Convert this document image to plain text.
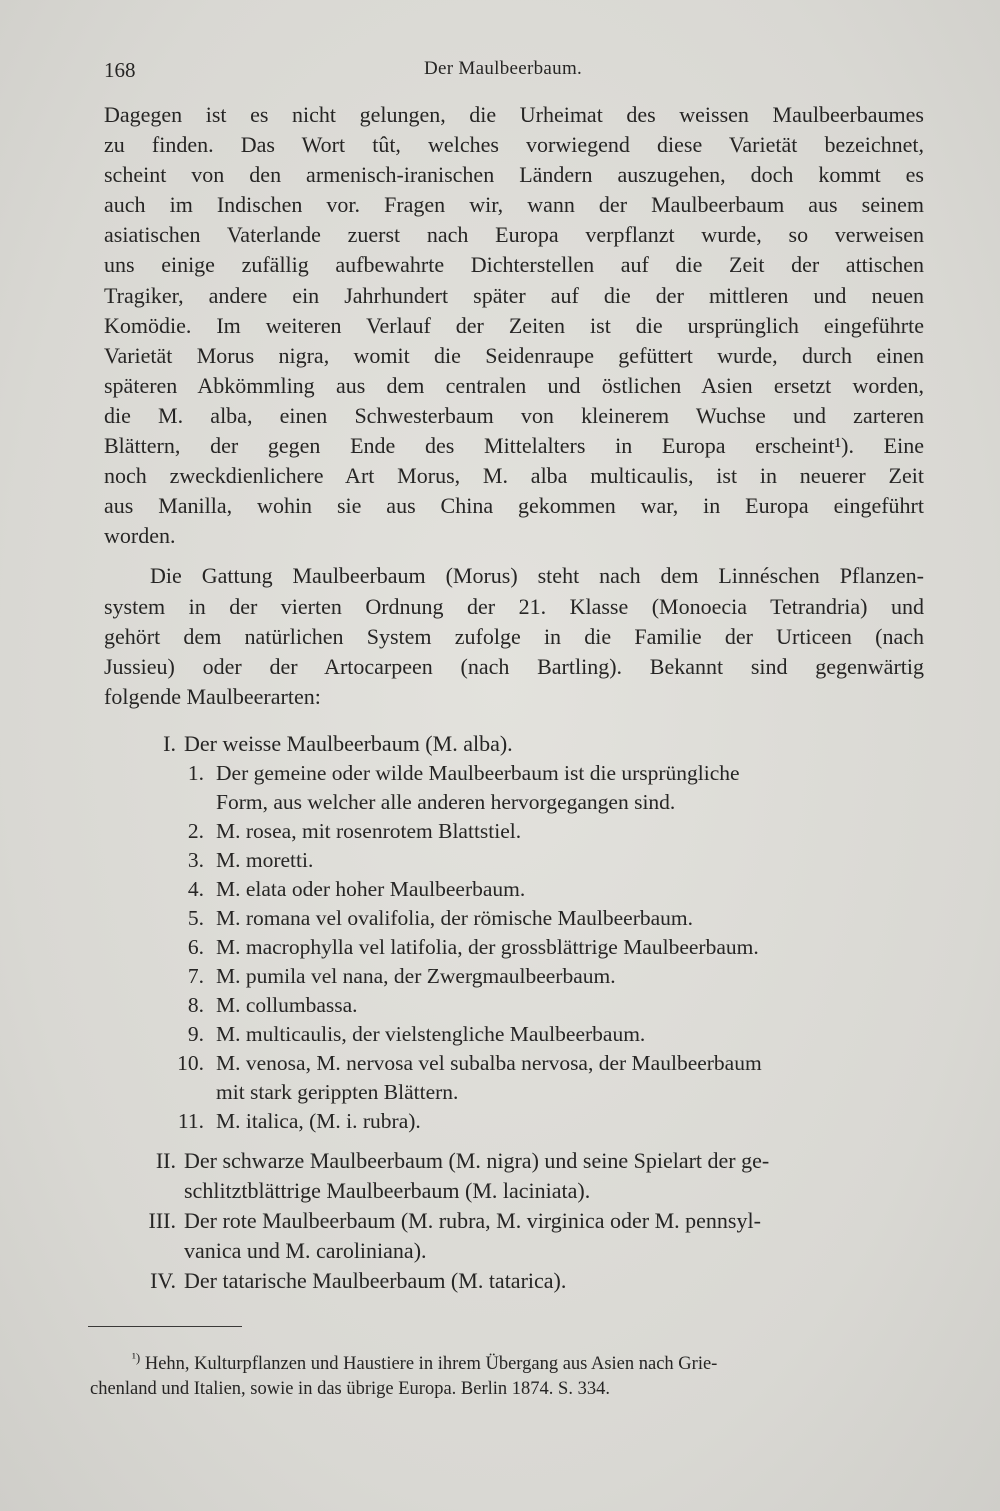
168	Der Maulbeerbaum.
Dagegen ist es nicht gelungen, die Urheimat des weissen Maulbeerbaumes
zu finden. Das Wort tût, welches vorwiegend diese Varietät bezeichnet,
scheint von den armenisch-iranischen Ländern auszugehen, doch kommt es
auch im Indischen vor. Fragen wir, wann der Maulbeerbaum aus seinem
asiatischen Vaterlande zuerst nach Europa verpflanzt wurde, so verweisen
uns einige zufällig aufbewahrte Dichterstellen auf die Zeit der attischen
Tragiker, andere ein Jahrhundert später auf die der mittleren und neuen
Komödie. Im weiteren Verlauf der Zeiten ist die ursprünglich eingeführte
Varietät Morus nigra, womit die Seidenraupe gefüttert wurde, durch einen
späteren Abkömmling aus dem centralen und östlichen Asien ersetzt worden,
die M. alba, einen Schwesterbaum von kleinerem Wuchse und zarteren
Blättern, der gegen Ende des Mittelalters in Europa erscheint¹). Eine
noch zweckdienlichere Art Morus, M. alba multicaulis, ist in neuerer Zeit
aus Manilla, wohin sie aus China gekommen war, in Europa eingeführt
worden.
Die Gattung Maulbeerbaum (Morus) steht nach dem Linnéschen Pflanzen-
system in der vierten Ordnung der 21. Klasse (Monoecia Tetrandria) und
gehört dem natürlichen System zufolge in die Familie der Urticeen (nach
Jussieu) oder der Artocarpeen (nach Bartling). Bekannt sind gegenwärtig
folgende Maulbeerarten:
I. Der weisse Maulbeerbaum (M. alba).
1. Der gemeine oder wilde Maulbeerbaum ist die ursprüngliche
Form, aus welcher alle anderen hervorgegangen sind.
2. M. rosea, mit rosenrotem Blattstiel.
3. M. moretti.
4. M. elata oder hoher Maulbeerbaum.
5. M. romana vel ovalifolia, der römische Maulbeerbaum.
6. M. macrophylla vel latifolia, der grossblättrige Maulbeerbaum.
7. M. pumila vel nana, der Zwergmaulbeerbaum.
8. M. collumbassa.
9. M. multicaulis, der vielstengliche Maulbeerbaum.
10. M. venosa, M. nervosa vel subalba nervosa, der Maulbeerbaum
mit stark gerippten Blättern.
11. M. italica, (M. i. rubra).
II. Der schwarze Maulbeerbaum (M. nigra) und seine Spielart der ge-
schlitztblättrige Maulbeerbaum (M. laciniata).
III. Der rote Maulbeerbaum (M. rubra, M. virginica oder M. pennsyl-
vanica und M. caroliniana).
IV. Der tatarische Maulbeerbaum (M. tatarica).
$^{^1)}$ Hehn, Kulturpflanzen und Haustiere in ihrem Übergang aus Asien nach Grie-
chenland und Italien, sowie in das übrige Europa. Berlin 1874. S. 334.
